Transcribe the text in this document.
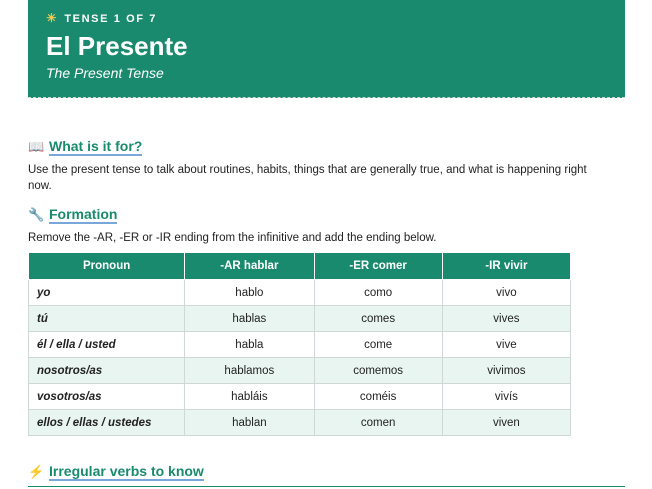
☀ TENSE 1 OF 7
El Presente
The Present Tense
📖 What is it for?
Use the present tense to talk about routines, habits, things that are generally true, and what is happening right now.
🔧 Formation
Remove the -AR, -ER or -IR ending from the infinitive and add the ending below.
Pronoun	-AR hablar	-ER comer	-IR vivir
yo	hablo	como	vivo
tú	hablas	comes	vives
él / ella / usted	habla	come	vive
nosotros/as	hablamos	comemos	vivimos
vosotros/as	habláis	coméis	vivís
ellos / ellas / ustedes	hablan	comen	viven
⚡ Irregular verbs to know
